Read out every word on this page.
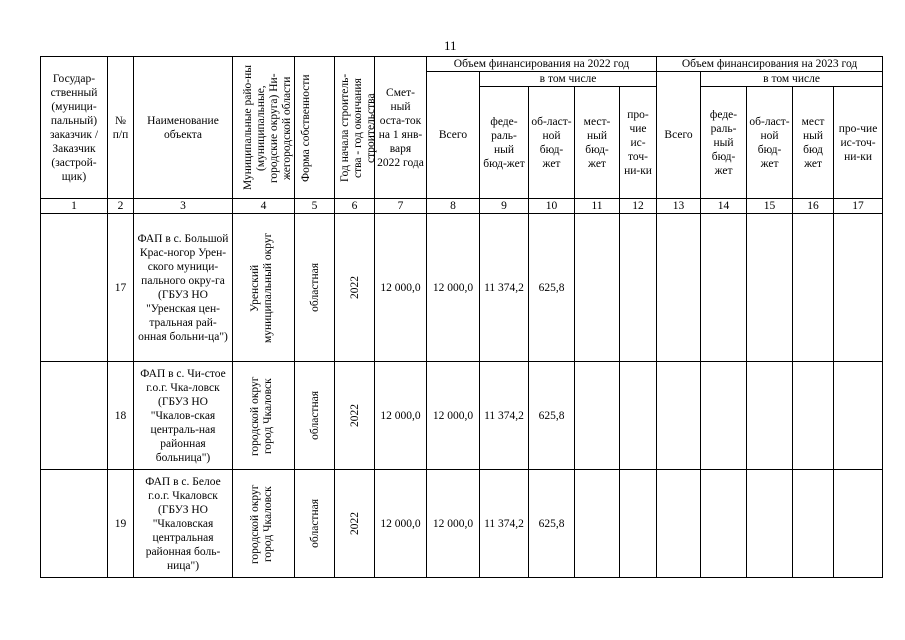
11
Государ-ственный (муници-пальный) заказчик / Заказчик (застрой-щик)	№ п/п	Наименование объекта	Муниципальные райо-ны (муниципальные, городские округа) Ни-жегородской области	Форма собственности	Год начала строитель-ства - год окончания строительства	Смет-ный оста-ток на 1 янв-варя 2022 года	Объем финансирования на 2022 год					Объем финансирования на 2023 год				
							Всего	в том числе				Всего	в том числе			
								феде-раль-ный бюд-жет	об-ласт-ной бюд-жет	мест-ный бюд-жет	про-чие ис-точ-ни-ки		феде-раль-ный бюд-жет	об-ласт-ной бюд-жет	мест ный бюд жет	про-чие ис-точ-ни-ки
1	2	3	4	5	6	7	8	9	10	11	12	13	14	15	16	17
	17	ФАП в с. Большой Крас-ногор Урен-ского муници-пального окру-га (ГБУЗ НО "Уренская цен-тральная рай-онная больни-ца")	Уренский муниципальный округ	областная	2022	12 000,0	12 000,0	11 374,2	625,8							
	18	ФАП в с. Чи-стое г.о.г. Чка-ловск (ГБУЗ НО "Чкалов-ская централь-ная районная больница")	городской округ город Чкаловск	областная	2022	12 000,0	12 000,0	11 374,2	625,8							
	19	ФАП в с. Белое г.о.г. Чкаловск (ГБУЗ НО "Чкаловская центральная районная боль-ница")	городской округ город Чкаловск	областная	2022	12 000,0	12 000,0	11 374,2	625,8							
